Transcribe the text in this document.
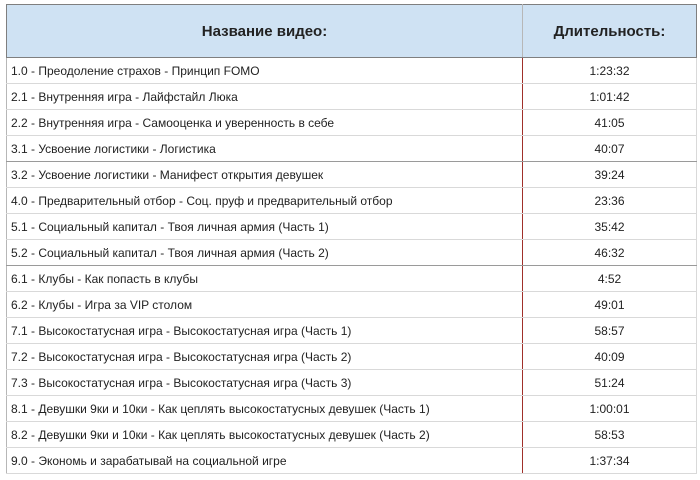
Название видео:	Длительность:
1.0 - Преодоление страхов - Принцип FOMO	1:23:32
2.1 - Внутренняя игра - Лайфстайл Люка	1:01:42
2.2 - Внутренняя игра - Самооценка и уверенность в себе	41:05
3.1 - Усвоение логистики - Логистика	40:07
3.2 - Усвоение логистики - Манифест открытия девушек	39:24
4.0 - Предварительный отбор - Соц. пруф и предварительный отбор	23:36
5.1 - Социальный капитал - Твоя личная армия (Часть 1)	35:42
5.2 - Социальный капитал - Твоя личная армия (Часть 2)	46:32
6.1 - Клубы - Как попасть в клубы	4:52
6.2 - Клубы - Игра за VIP столом	49:01
7.1 - Высокостатусная игра - Высокостатусная игра (Часть 1)	58:57
7.2 - Высокостатусная игра - Высокостатусная игра (Часть 2)	40:09
7.3 - Высокостатусная игра - Высокостатусная игра (Часть 3)	51:24
8.1 - Девушки 9ки и 10ки - Как цеплять высокостатусных девушек (Часть 1)	1:00:01
8.2 - Девушки 9ки и 10ки - Как цеплять высокостатусных девушек (Часть 2)	58:53
9.0 - Экономь и зарабатывай на социальной игре	1:37:34
